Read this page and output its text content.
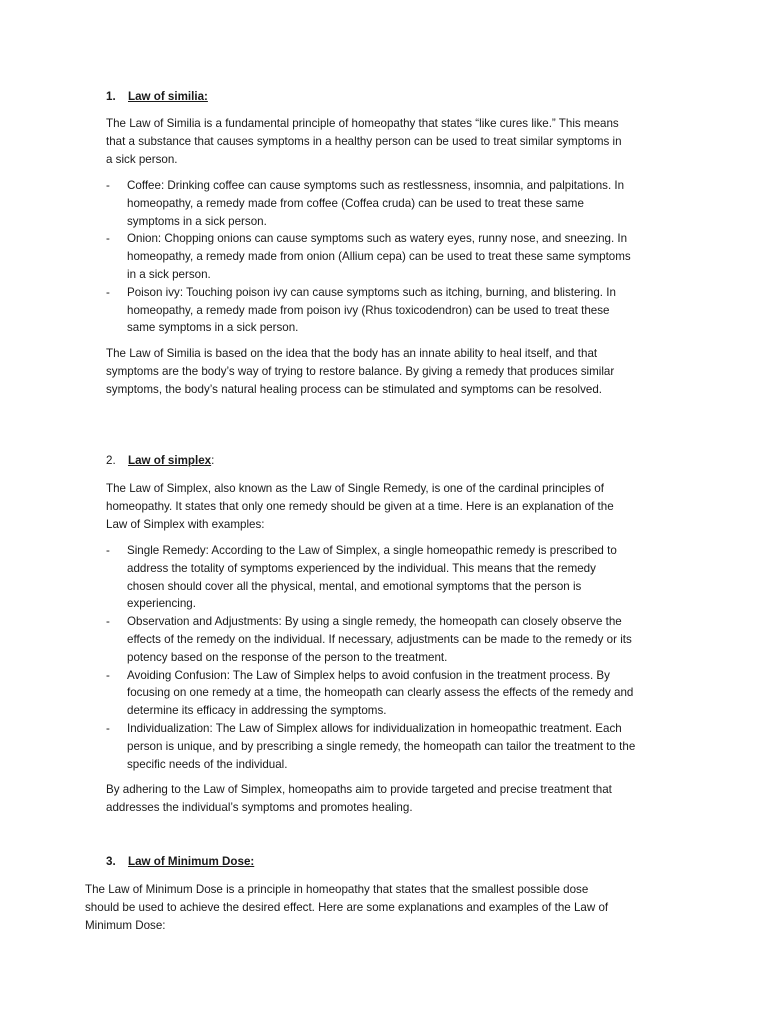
1. Law of similia:

The Law of Similia is a fundamental principle of homeopathy that states “like cures like.” This means that a substance that causes symptoms in a healthy person can be used to treat similar symptoms in a sick person.

- Coffee: Drinking coffee can cause symptoms such as restlessness, insomnia, and palpitations. In homeopathy, a remedy made from coffee (Coffea cruda) can be used to treat these same symptoms in a sick person.
- Onion: Chopping onions can cause symptoms such as watery eyes, runny nose, and sneezing. In homeopathy, a remedy made from onion (Allium cepa) can be used to treat these same symptoms in a sick person.
- Poison ivy: Touching poison ivy can cause symptoms such as itching, burning, and blistering. In homeopathy, a remedy made from poison ivy (Rhus toxicodendron) can be used to treat these same symptoms in a sick person.

The Law of Similia is based on the idea that the body has an innate ability to heal itself, and that symptoms are the body’s way of trying to restore balance. By giving a remedy that produces similar symptoms, the body’s natural healing process can be stimulated and symptoms can be resolved.

2. Law of simplex:

The Law of Simplex, also known as the Law of Single Remedy, is one of the cardinal principles of homeopathy. It states that only one remedy should be given at a time. Here is an explanation of the Law of Simplex with examples:

- Single Remedy: According to the Law of Simplex, a single homeopathic remedy is prescribed to address the totality of symptoms experienced by the individual. This means that the remedy chosen should cover all the physical, mental, and emotional symptoms that the person is experiencing.
- Observation and Adjustments: By using a single remedy, the homeopath can closely observe the effects of the remedy on the individual. If necessary, adjustments can be made to the remedy or its potency based on the response of the person to the treatment.
- Avoiding Confusion: The Law of Simplex helps to avoid confusion in the treatment process. By focusing on one remedy at a time, the homeopath can clearly assess the effects of the remedy and determine its efficacy in addressing the symptoms.
- Individualization: The Law of Simplex allows for individualization in homeopathic treatment. Each person is unique, and by prescribing a single remedy, the homeopath can tailor the treatment to the specific needs of the individual.

By adhering to the Law of Simplex, homeopaths aim to provide targeted and precise treatment that addresses the individual’s symptoms and promotes healing.

3. Law of Minimum Dose:

The Law of Minimum Dose is a principle in homeopathy that states that the smallest possible dose should be used to achieve the desired effect. Here are some explanations and examples of the Law of Minimum Dose:
